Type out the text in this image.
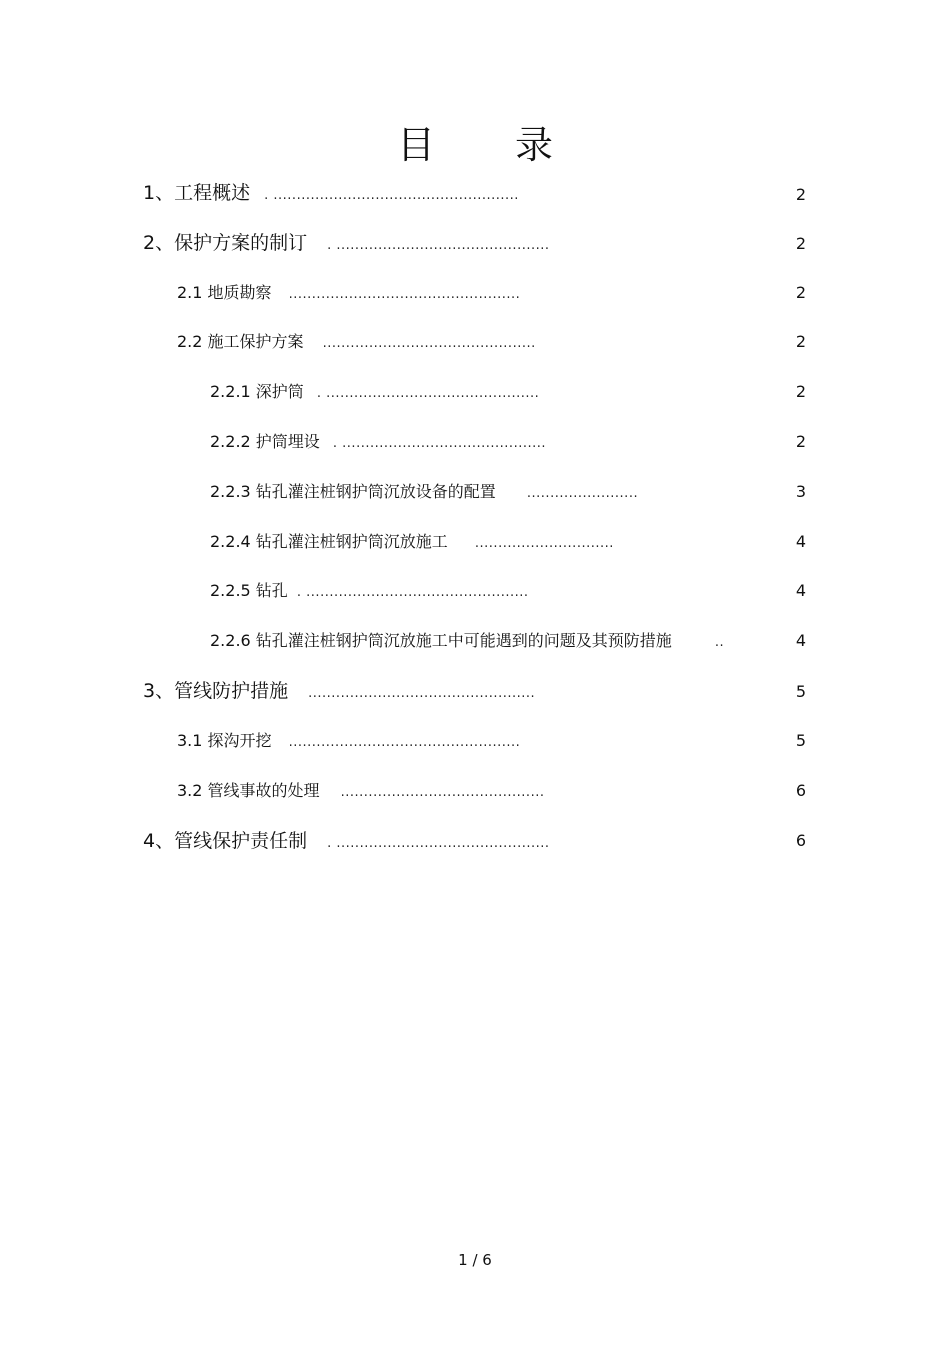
目 录
1、工程概述 . .....................................................	2
2、保护方案的制订 . ..............................................	2
2.1 地质勘察 ..................................................	2
2.2 施工保护方案 ..............................................	2
2.2.1 深护筒 . ..............................................	2
2.2.2 护筒埋设 . ............................................	2
2.2.3 钻孔灌注桩钢护筒沉放设备的配置 ........................	3
2.2.4 钻孔灌注桩钢护筒沉放施工 ..............................	4
2.2.5 钻孔 . ................................................	4
2.2.6 钻孔灌注桩钢护筒沉放施工中可能遇到的问题及其预防措施	..	4
3、管线防护措施 .................................................	5
3.1 探沟开挖 ..................................................	5
3.2 管线事故的处理 ............................................	6
4、管线保护责任制 . ..............................................	6
1 / 6
